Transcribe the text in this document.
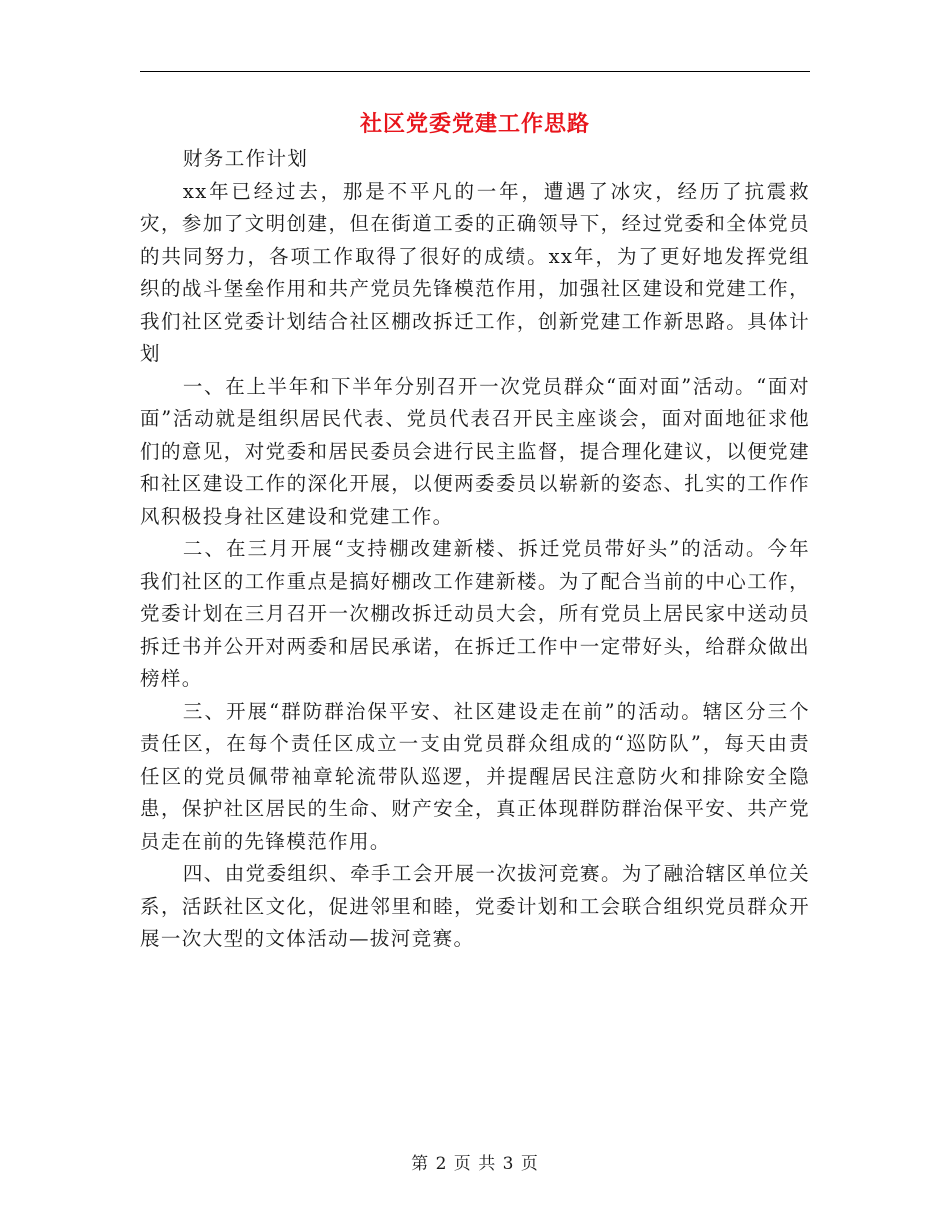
社区党委党建工作思路

财务工作计划

xx年已经过去，那是不平凡的一年，遭遇了冰灾，经历了抗震救灾，参加了文明创建，但在街道工委的正确领导下，经过党委和全体党员的共同努力，各项工作取得了很好的成绩。xx年，为了更好地发挥党组织的战斗堡垒作用和共产党员先锋模范作用，加强社区建设和党建工作，我们社区党委计划结合社区棚改拆迁工作，创新党建工作新思路。具体计划

一、在上半年和下半年分别召开一次党员群众“面对面”活动。“面对面”活动就是组织居民代表、党员代表召开民主座谈会，面对面地征求他们的意见，对党委和居民委员会进行民主监督，提合理化建议，以便党建和社区建设工作的深化开展，以便两委委员以崭新的姿态、扎实的工作作风积极投身社区建设和党建工作。

二、在三月开展“支持棚改建新楼、拆迁党员带好头”的活动。今年我们社区的工作重点是搞好棚改工作建新楼。为了配合当前的中心工作，党委计划在三月召开一次棚改拆迁动员大会，所有党员上居民家中送动员拆迁书并公开对两委和居民承诺，在拆迁工作中一定带好头，给群众做出榜样。

三、开展“群防群治保平安、社区建设走在前”的活动。辖区分三个责任区，在每个责任区成立一支由党员群众组成的“巡防队”，每天由责任区的党员佩带袖章轮流带队巡逻，并提醒居民注意防火和排除安全隐患，保护社区居民的生命、财产安全，真正体现群防群治保平安、共产党员走在前的先锋模范作用。

四、由党委组织、牵手工会开展一次拔河竞赛。为了融洽辖区单位关系，活跃社区文化，促进邻里和睦，党委计划和工会联合组织党员群众开展一次大型的文体活动—拔河竞赛。

第 2 页 共 3 页
